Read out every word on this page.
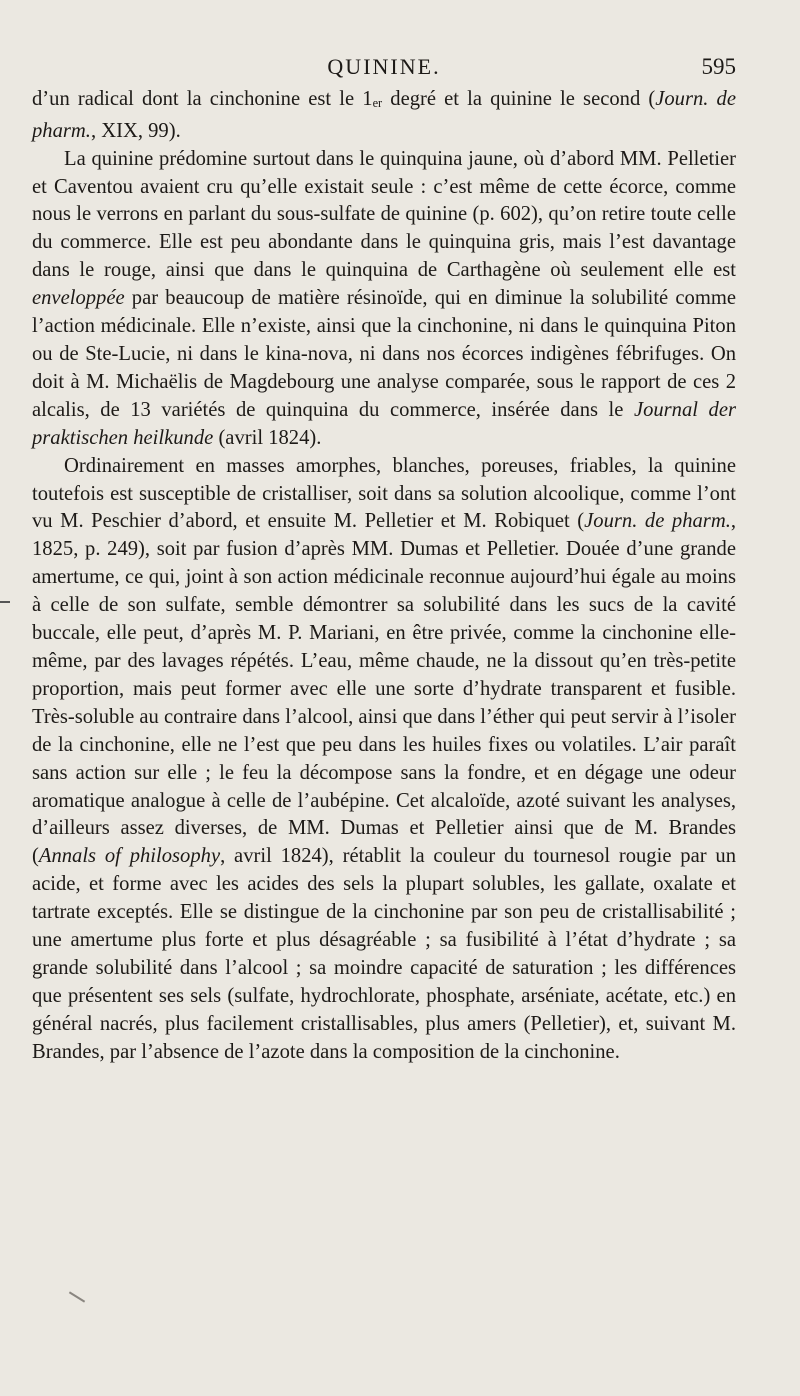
QUININE.	595

d’un radical dont la cinchonine est le $1_{er}$ degré et la quinine le second (Journ. de pharm., XIX, 99).

La quinine prédomine surtout dans le quinquina jaune, où d’abord MM. Pelletier et Caventou avaient cru qu’elle existait seule : c’est même de cette écorce, comme nous le verrons en parlant du sous-sulfate de quinine (p. 602), qu’on retire toute celle du commerce. Elle est peu abondante dans le quinquina gris, mais l’est davantage dans le rouge, ainsi que dans le quinquina de Carthagène où seulement elle est enveloppée par beaucoup de matière résinoïde, qui en diminue la solubilité comme l’action médicinale. Elle n’existe, ainsi que la cinchonine, ni dans le quinquina Piton ou de Ste-Lucie, ni dans le kina-nova, ni dans nos écorces indigènes fébrifuges. On doit à M. Michaëlis de Magdebourg une analyse comparée, sous le rapport de ces 2 alcalis, de 13 variétés de quinquina du commerce, insérée dans le Journal der praktischen heilkunde (avril 1824).

Ordinairement en masses amorphes, blanches, poreuses, friables, la quinine toutefois est susceptible de cristalliser, soit dans sa solution alcoolique, comme l’ont vu M. Peschier d’abord, et ensuite M. Pelletier et M. Robiquet (Journ. de pharm., 1825, p. 249), soit par fusion d’après MM. Dumas et Pelletier. Douée d’une grande amertume, ce qui, joint à son action médicinale reconnue aujourd’hui égale au moins à celle de son sulfate, semble démontrer sa solubilité dans les sucs de la cavité buccale, elle peut, d’après M. P. Mariani, en être privée, comme la cinchonine elle-même, par des lavages répétés. L’eau, même chaude, ne la dissout qu’en très-petite proportion, mais peut former avec elle une sorte d’hydrate transparent et fusible. Très-soluble au contraire dans l’alcool, ainsi que dans l’éther qui peut servir à l’isoler de la cinchonine, elle ne l’est que peu dans les huiles fixes ou volatiles. L’air paraît sans action sur elle ; le feu la décompose sans la fondre, et en dégage une odeur aromatique analogue à celle de l’aubépine. Cet alcaloïde, azoté suivant les analyses, d’ailleurs assez diverses, de MM. Dumas et Pelletier ainsi que de M. Brandes (Annals of philosophy, avril 1824), rétablit la couleur du tournesol rougie par un acide, et forme avec les acides des sels la plupart solubles, les gallate, oxalate et tartrate exceptés. Elle se distingue de la cinchonine par son peu de cristallisabilité ; une amertume plus forte et plus désagréable ; sa fusibilité à l’état d’hydrate ; sa grande solubilité dans l’alcool ; sa moindre capacité de saturation ; les différences que présentent ses sels (sulfate, hydrochlorate, phosphate, arséniate, acétate, etc.) en général nacrés, plus facilement cristallisables, plus amers (Pelletier), et, suivant M. Brandes, par l’absence de l’azote dans la composition de la cinchonine.
